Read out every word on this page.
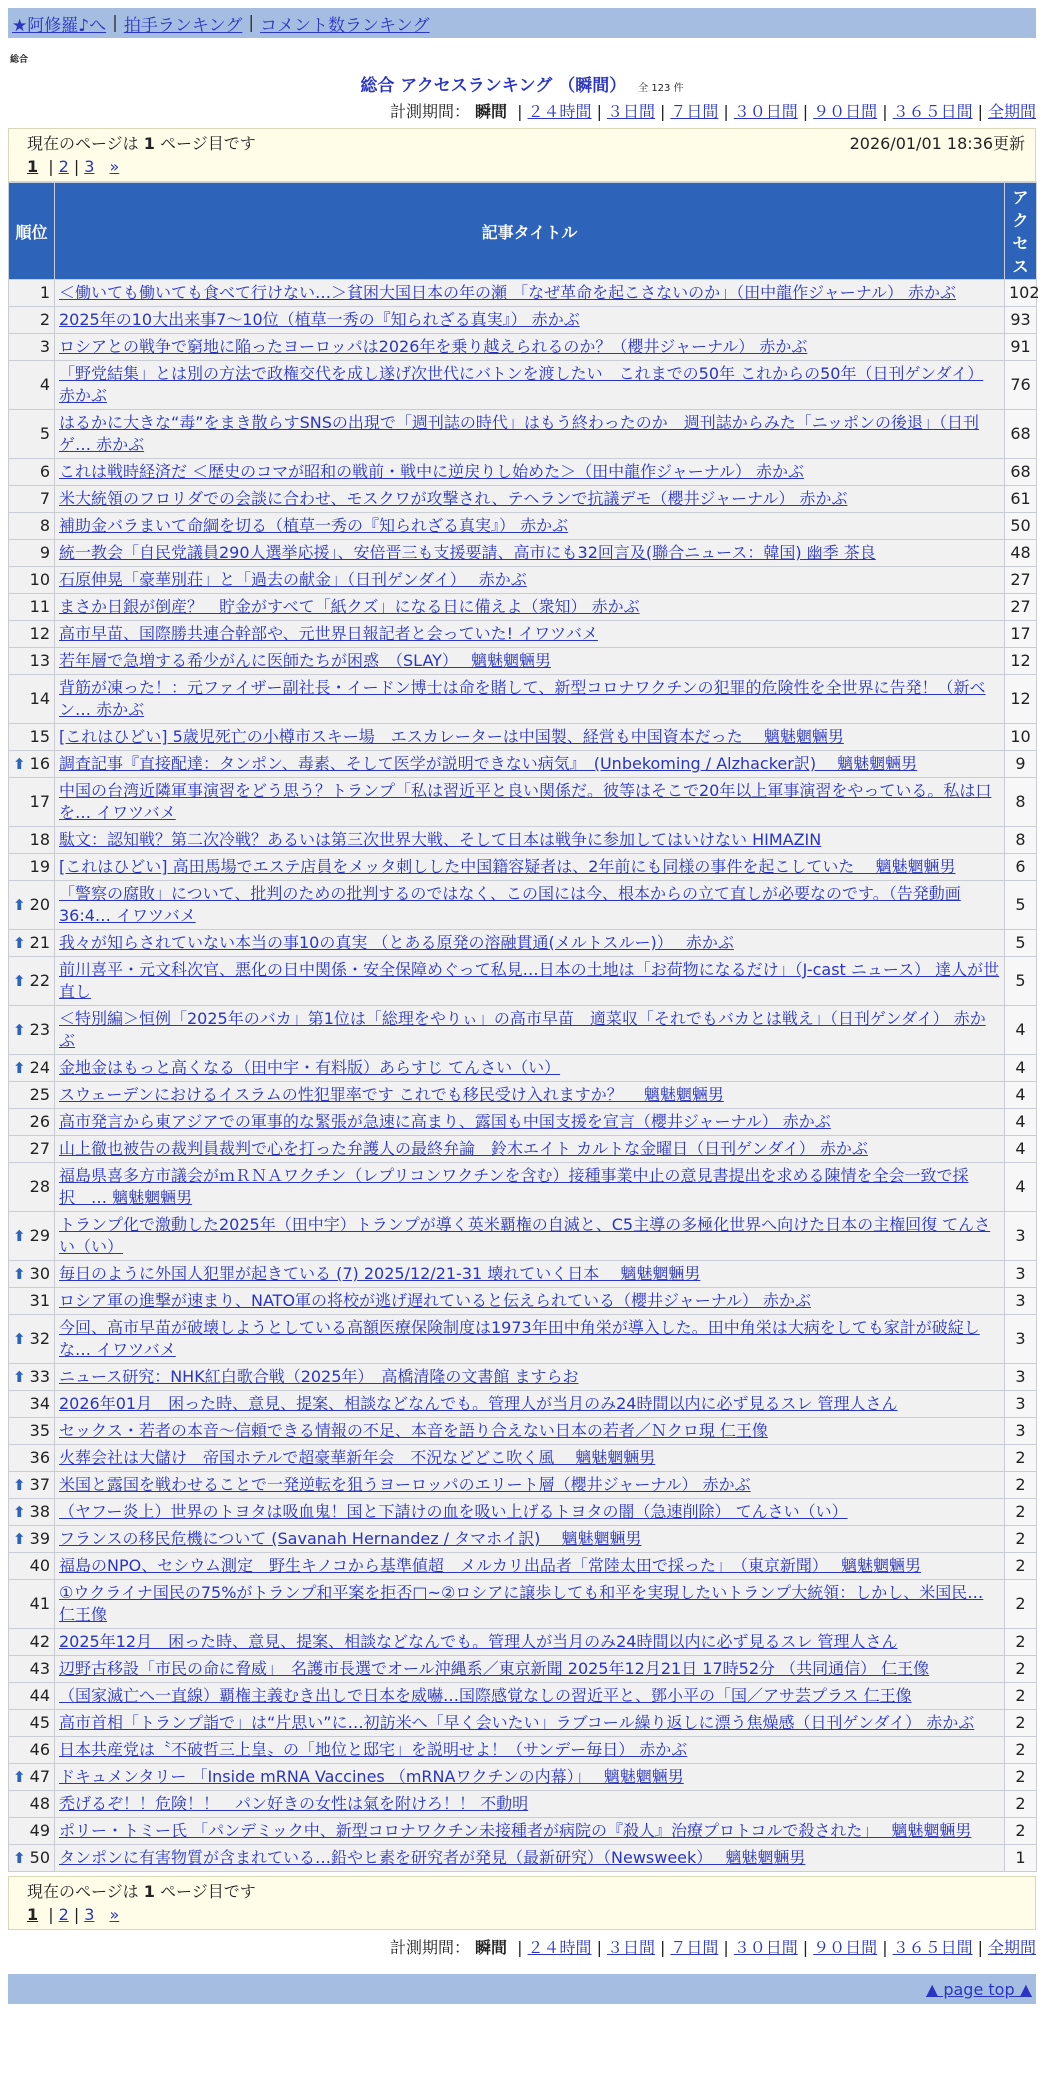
★阿修羅♪へ | 拍手ランキング | コメント数ランキング
総合
総合 アクセスランキング （瞬間） 全 123 件
計測期間： 瞬間 | ２４時間 | ３日間 | ７日間 | ３０日間 | ９０日間 | ３６５日間 | 全期間
現在のページは 1 ページ目です	2026/01/01 18:36更新
1 | 2 | 3 »
順位	記事タイトル	アクセス
1	＜働いても働いても食べて行けない…＞貧困大国日本の年の瀬 「なぜ革命を起こさないのか」（田中龍作ジャーナル） 赤かぶ	102
2	2025年の10大出来事7～10位（植草一秀の『知られざる真実』） 赤かぶ	93
3	ロシアとの戦争で窮地に陥ったヨーロッパは2026年を乗り越えられるのか？（櫻井ジャーナル） 赤かぶ	91
4	「野党結集」とは別の方法で政権交代を成し遂げ次世代にバトンを渡したい　これまでの50年 これからの50年（日刊ゲンダイ） 赤かぶ	76
5	はるかに大きな“毒”をまき散らすSNSの出現で「週刊誌の時代」はもう終わったのか　週刊誌からみた「ニッポンの後退」（日刊ゲ… 赤かぶ	68
6	これは戦時経済だ ＜歴史のコマが昭和の戦前・戦中に逆戻りし始めた＞（田中龍作ジャーナル） 赤かぶ	68
7	米大統領のフロリダでの会談に合わせ、モスクワが攻撃され、テヘランで抗議デモ（櫻井ジャーナル） 赤かぶ	61
8	補助金バラまいて命綱を切る（植草一秀の『知られざる真実』） 赤かぶ	50
9	統一教会「自民党議員290人選挙応援」、安倍晋三も支援要請、高市にも32回言及(聯合ニュース：韓国) 幽季 茶良	48
10	石原伸晃「豪華別荘」と「過去の献金」（日刊ゲンダイ）　 赤かぶ	27
11	まさか日銀が倒産？　貯金がすべて「紙クズ」になる日に備えよ（衆知） 赤かぶ	27
12	高市早苗、国際勝共連合幹部や、元世界日報記者と会っていた! イワツバメ	17
13	若年層で急増する希少がんに医師たちが困惑　（SLAY）　 魑魅魍魎男	12
14	背筋が凍った！：元ファイザー副社長・イードン博士は命を賭して、新型コロナワクチンの犯罪的危険性を全世界に告発！（新ベン… 赤かぶ	12
15	[これはひどい] 5歳児死亡の小樽市スキー場　エスカレーターは中国製、経営も中国資本だった　 魑魅魍魎男	10

⬆ 16	調査記事『直接配達：タンポン、毒素、そして医学が説明できない病気』　(Unbekoming / Alzhacker訳)　 魑魅魍魎男	9
17	中国の台湾近隣軍事演習をどう思う？トランプ「私は習近平と良い関係だ。彼等はそこで20年以上軍事演習をやっている。私は口を… イワツバメ	8
18	駄文：認知戦？第二次冷戦？あるいは第三次世界大戦、そして日本は戦争に参加してはいけない HIMAZIN	8
19	[これはひどい] 高田馬場でエステ店員をメッタ刺しした中国籍容疑者は、2年前にも同様の事件を起こしていた　 魑魅魍魎男	6

⬆ 20	「警察の腐敗」について、批判のための批判するのではなく、この国には今、根本からの立て直しが必要なのです。（告発動画36:4… イワツバメ	5

⬆ 21	我々が知らされていない本当の事10の真実 （とある原発の溶融貫通(メルトスルー)）　 赤かぶ	5

⬆ 22	前川喜平・元文科次官、悪化の日中関係・安全保障めぐって私見…日本の土地は「お荷物になるだけ」（J-cast ニュース） 達人が世直し	5

⬆ 23	＜特別編＞恒例「2025年のバカ」第1位は「総理をやりぃ」の高市早苗　適菜収「それでもバカとは戦え」（日刊ゲンダイ） 赤かぶ	4

⬆ 24	金地金はもっと高くなる（田中宇・有料版）あらすじ てんさい（い）	4
25	スウェーデンにおけるイスラムの性犯罪率です これでも移民受け入れますか？　 魑魅魍魎男	4
26	高市発言から東アジアでの軍事的な緊張が急速に高まり、露国も中国支援を宣言（櫻井ジャーナル） 赤かぶ	4
27	山上徹也被告の裁判員裁判で心を打った弁護人の最終弁論　鈴木エイト カルトな金曜日（日刊ゲンダイ） 赤かぶ	4
28	福島県喜多方市議会がｍＲＮＡワクチン（レプリコンワクチンを含む）接種事業中止の意見書提出を求める陳情を全会一致で採択　… 魑魅魍魎男	4

⬆ 29	トランプ化で激動した2025年（田中宇）トランプが導く英米覇権の自滅と、C5主導の多極化世界へ向けた日本の主権回復 てんさい（い）	3

⬆ 30	毎日のように外国人犯罪が起きている (7) 2025/12/21-31 壊れていく日本　 魑魅魍魎男	3
31	ロシア軍の進撃が速まり、NATO軍の将校が逃げ遅れていると伝えられている（櫻井ジャーナル） 赤かぶ	3

⬆ 32	今回、高市早苗が破壊しようとしている高額医療保険制度は1973年田中角栄が導入した。田中角栄は大病をしても家計が破綻しな… イワツバメ	3

⬆ 33	ニュース研究：NHK紅白歌合戦（2025年）　高橋清隆の文書館 ますらお	3
34	2026年01月　困った時、意見、提案、相談などなんでも。管理人が当月のみ24時間以内に必ず見るスレ 管理人さん	3
35	セックス・若者の本音〜信頼できる情報の不足、本音を語り合えない日本の若者／Ｎクロ現 仁王像	3
36	火葬会社は大儲け　帝国ホテルで超豪華新年会　不況などどこ吹く風　 魑魅魍魎男	2

⬆ 37	米国と露国を戦わせることで一発逆転を狙うヨーロッパのエリート層（櫻井ジャーナル） 赤かぶ	2

⬆ 38	（ヤフー炎上）世界のトヨタは吸血鬼！国と下請けの血を吸い上げるトヨタの闇（急速削除） てんさい（い）	2

⬆ 39	フランスの移民危機について (Savanah Hernandez / タマホイ訳)　 魑魅魍魎男	2
40	福島のNPO、セシウム測定　野生キノコから基準値超　メルカリ出品者「常陸太田で採った」　（東京新聞）　 魑魅魍魎男	2
41	①ウクライナ国民の75%がトランプ和平案を拒否□~②ロシアに譲歩しても和平を実現したいトランプ大統領：しかし、米国民… 仁王像	2
42	2025年12月　困った時、意見、提案、相談などなんでも。管理人が当月のみ24時間以内に必ず見るスレ 管理人さん	2
43	辺野古移設「市民の命に脅威」　名護市長選でオール沖縄系／東京新聞 2025年12月21日 17時52分 （共同通信） 仁王像	2
44	（国家滅亡へ一直線）覇権主義むき出しで日本を威嚇…国際感覚なしの習近平と、鄧小平の「国／アサ芸プラス 仁王像	2
45	高市首相「トランプ詣で」は“片思い”に…初訪米へ「早く会いたい」ラブコール繰り返しに漂う焦燥感（日刊ゲンダイ） 赤かぶ	2
46	日本共産党は〝不破哲三上皇〟の「地位と邸宅」を説明せよ！（サンデー毎日） 赤かぶ	2

⬆ 47	ドキュメンタリー 「Inside mRNA Vaccines （mRNAワクチンの内幕）」　 魑魅魍魎男	2
48	禿げるぞ！！危険！！　パン好きの女性は氣を附けろ！！ 不動明	2
49	ポリー・トミー氏 「パンデミック中、新型コロナワクチン未接種者が病院の『殺人』治療プロトコルで殺された」　 魑魅魍魎男	2

⬆ 50	タンポンに有害物質が含まれている…鉛やヒ素を研究者が発見（最新研究）（Newsweek）　 魑魅魍魎男	1
現在のページは 1 ページ目です
1 | 2 | 3 »
計測期間： 瞬間 | ２４時間 | ３日間 | ７日間 | ３０日間 | ９０日間 | ３６５日間 | 全期間
▲ page top ▲
